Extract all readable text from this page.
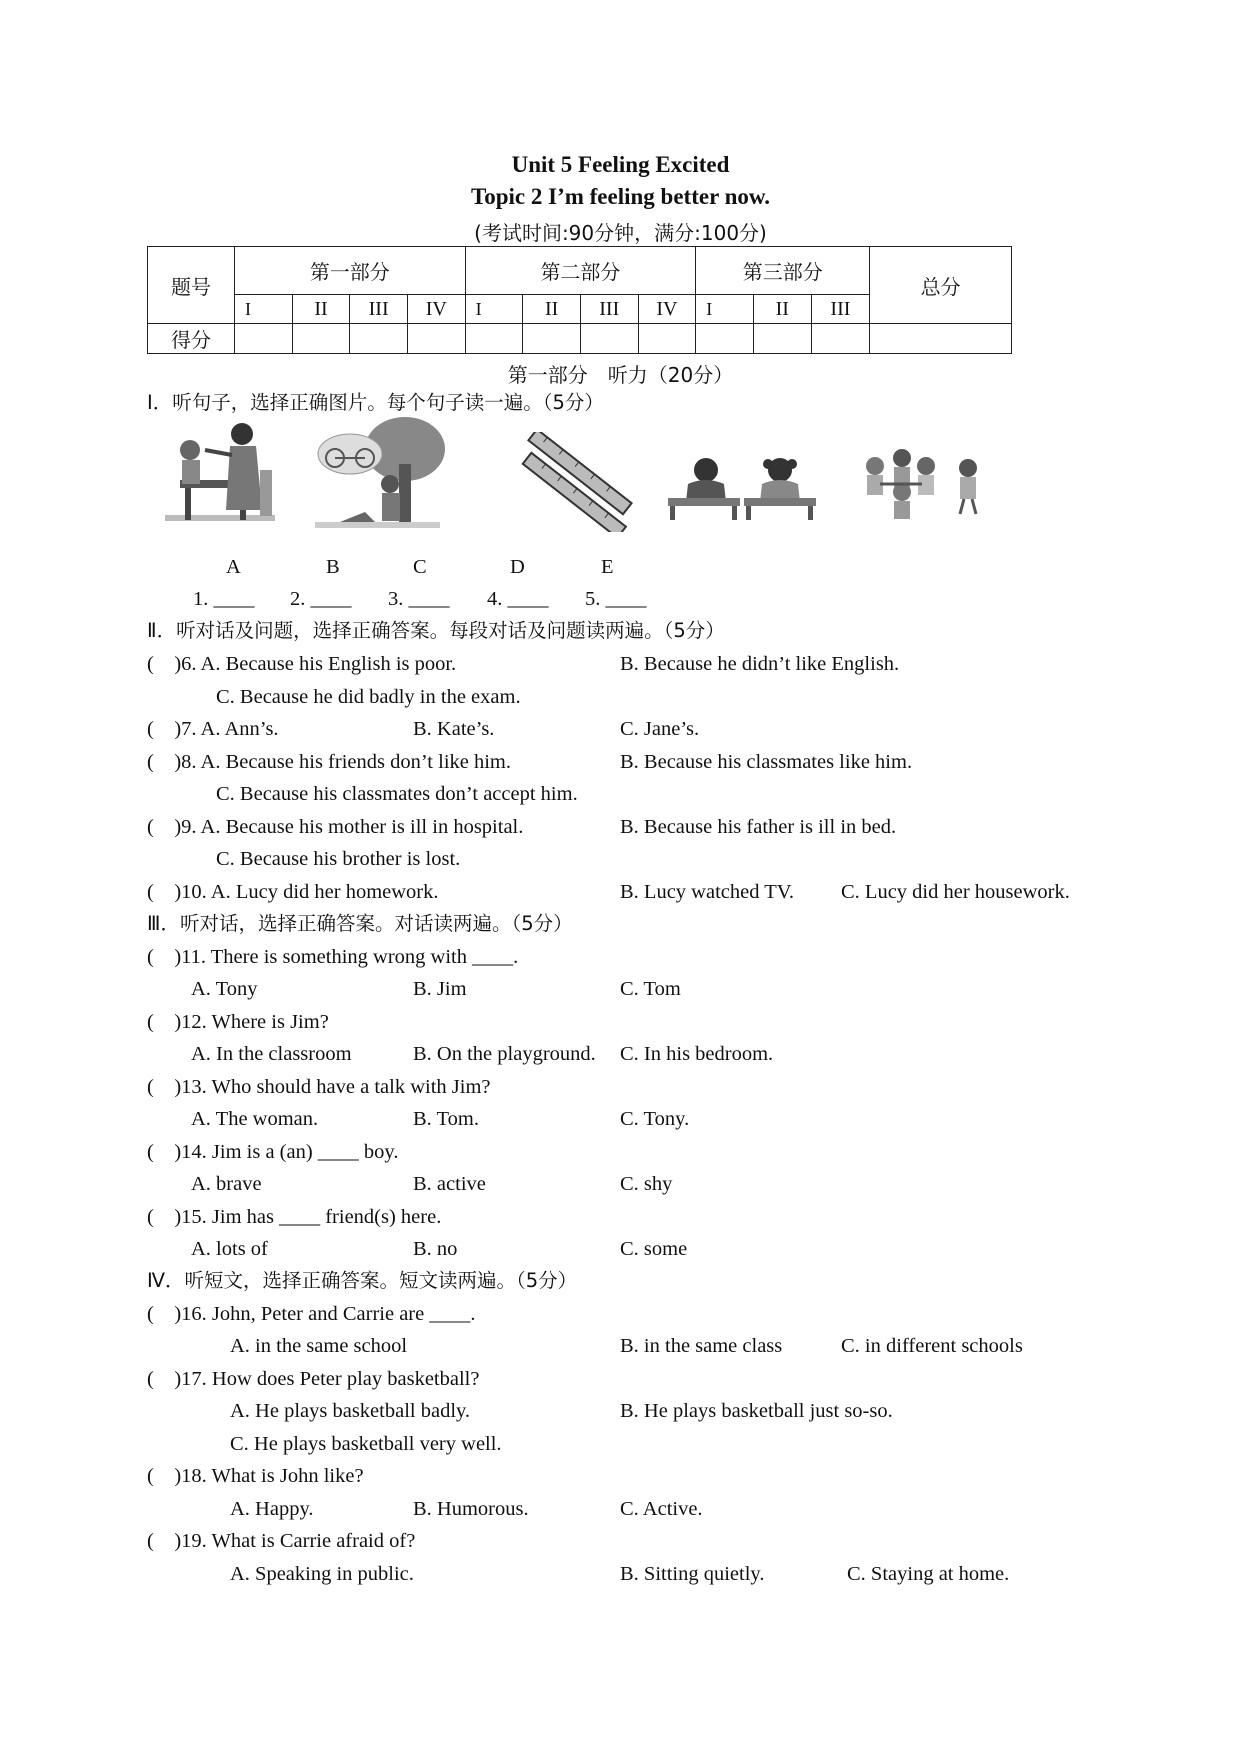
Unit 5 Feeling Excited
Topic 2 I’m feeling better now.
(考试时间:90分钟，满分:100分)
题号	第一部分				第二部分				第三部分			总分
	I	II	III	IV	I	II	III	IV	I	II	III	
得分												
第一部分　听力（20分）
Ⅰ．听句子，选择正确图片。每个句子读一遍。（5分）
A	B	C	D	E
1. ____ 2. ____ 3. ____ 4. ____ 5. ____
Ⅱ．听对话及问题，选择正确答案。每段对话及问题读两遍。（5分）
(　)6. A. Because his English is poor.	B. Because he didn’t like English.
C. Because he did badly in the exam.
(　)7. A. Ann’s.	B. Kate’s.	C. Jane’s.
(　)8. A. Because his friends don’t like him.	B. Because his classmates like him.
C. Because his classmates don’t accept him.
(　)9. A. Because his mother is ill in hospital.	B. Because his father is ill in bed.
C. Because his brother is lost.
(　)10. A. Lucy did her homework.	B. Lucy watched TV. C. Lucy did her housework.
Ⅲ．听对话，选择正确答案。对话读两遍。（5分）
(　)11. There is something wrong with ____.
A. Tony	B. Jim	C. Tom
(　)12. Where is Jim?
A. In the classroom	B. On the playground. C. In his bedroom.
(　)13. Who should have a talk with Jim?
A. The woman.	B. Tom.	C. Tony.
(　)14. Jim is a (an) ____ boy.
A. brave	B. active	C. shy
(　)15. Jim has ____ friend(s) here.
A. lots of	B. no	C. some
Ⅳ．听短文，选择正确答案。短文读两遍。（5分）
(　)16. John, Peter and Carrie are ____.
A. in the same school	B. in the same class	C. in different schools
(　)17. How does Peter play basketball?
A. He plays basketball badly.	B. He plays basketball just so-so.
C. He plays basketball very well.
(　)18. What is John like?
A. Happy.	B. Humorous.	C. Active.
(　)19. What is Carrie afraid of?
A. Speaking in public.	B. Sitting quietly.	C. Staying at home.
